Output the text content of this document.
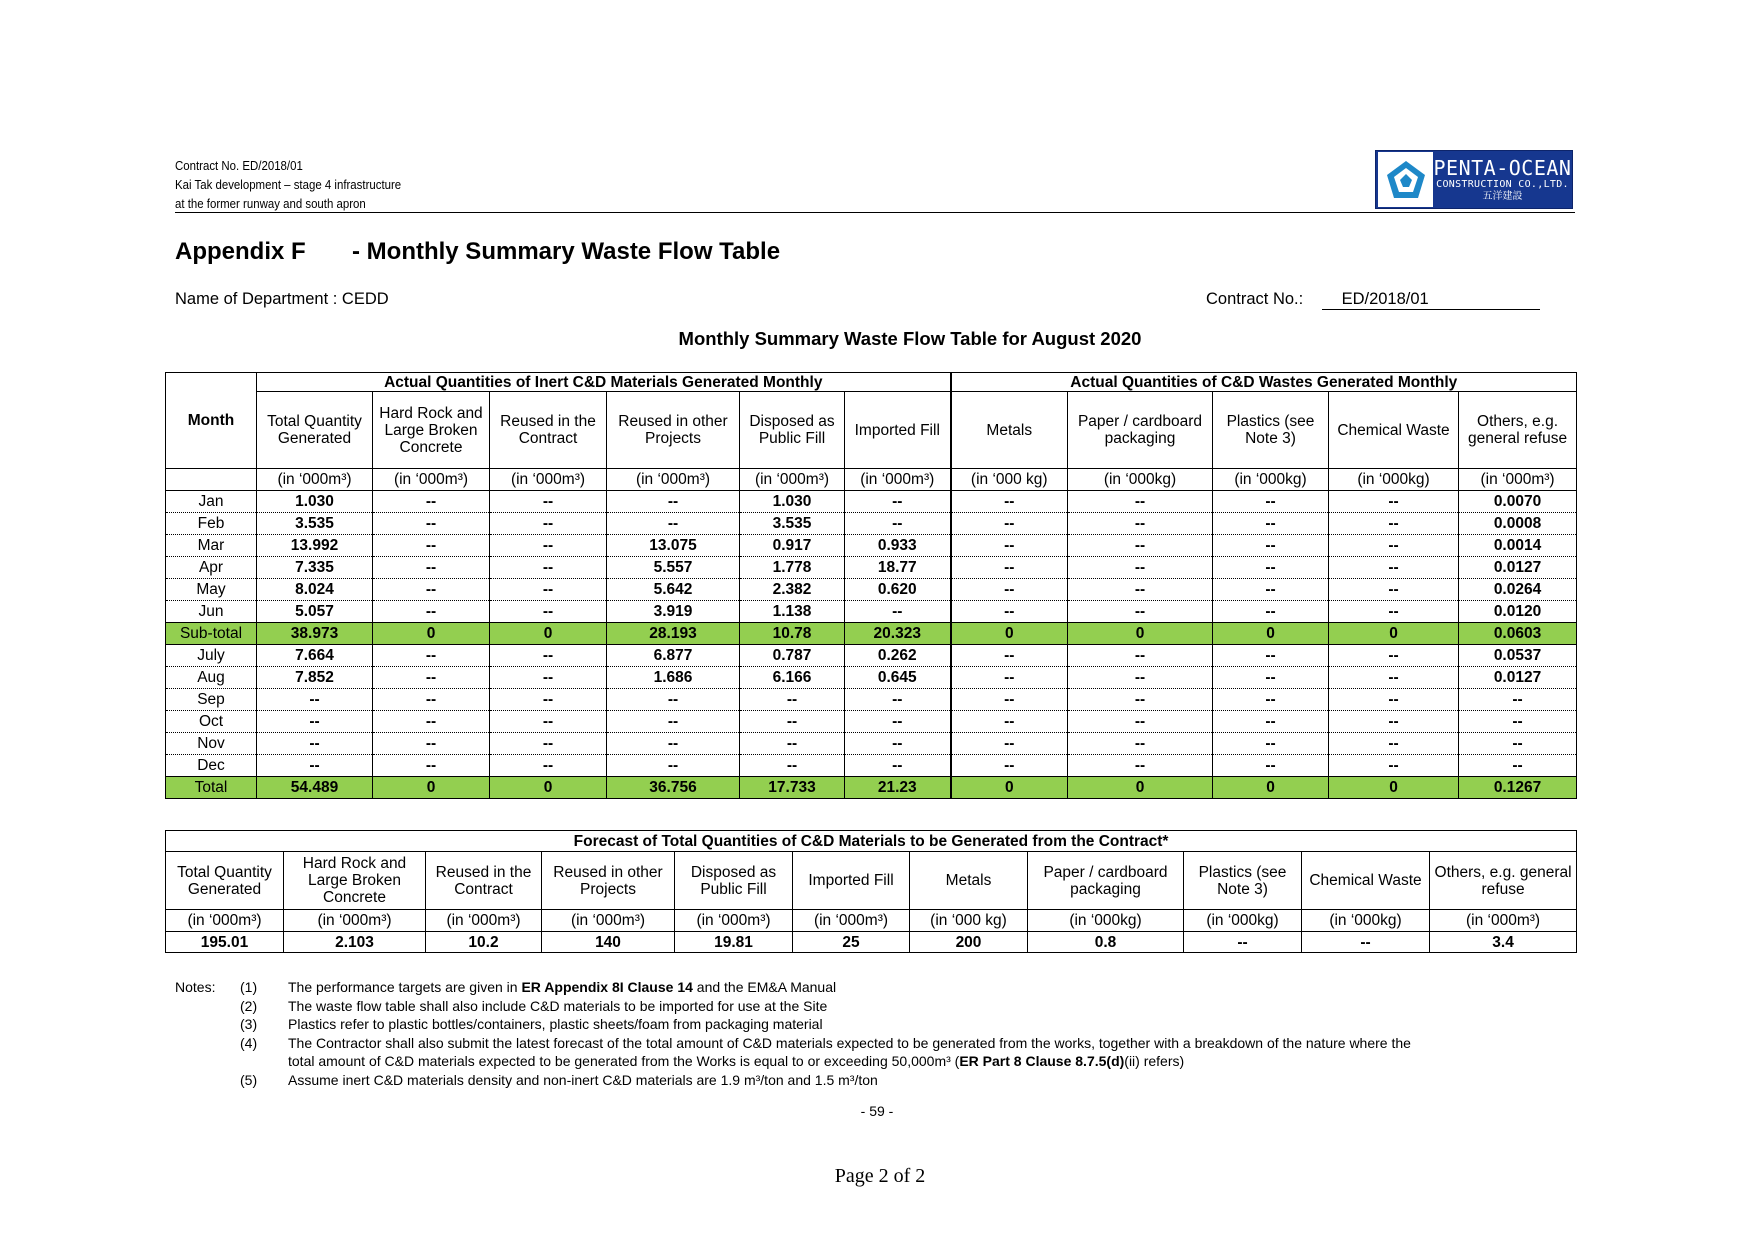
Contract No. ED/2018/01
Kai Tak development – stage 4 infrastructure
at the former runway and south apron
PENTA-OCEAN
CONSTRUCTION CO.,LTD.
五洋建設
Appendix F - Monthly Summary Waste Flow Table
Name of Department : CEDD	Contract No.: ED/2018/01
Monthly Summary Waste Flow Table for August 2020
Month	Actual Quantities of Inert C&D Materials Generated Monthly						Actual Quantities of C&D Wastes Generated Monthly				
	Total Quantity Generated	Hard Rock and Large Broken Concrete	Reused in the Contract	Reused in other Projects	Disposed as Public Fill	Imported Fill	Metals	Paper / cardboard packaging	Plastics (see Note 3)	Chemical Waste	Others, e.g. general refuse
	(in ‘000m³)	(in ‘000m³)	(in ‘000m³)	(in ‘000m³)	(in ‘000m³)	(in ‘000m³)	(in ‘000 kg)	(in ‘000kg)	(in ‘000kg)	(in ‘000kg)	(in ‘000m³)
Jan	1.030	--	--	--	1.030	--	--	--	--	--	0.0070
Feb	3.535	--	--	--	3.535	--	--	--	--	--	0.0008
Mar	13.992	--	--	13.075	0.917	0.933	--	--	--	--	0.0014
Apr	7.335	--	--	5.557	1.778	18.77	--	--	--	--	0.0127
May	8.024	--	--	5.642	2.382	0.620	--	--	--	--	0.0264
Jun	5.057	--	--	3.919	1.138	--	--	--	--	--	0.0120
Sub-total	38.973	0	0	28.193	10.78	20.323	0	0	0	0	0.0603
July	7.664	--	--	6.877	0.787	0.262	--	--	--	--	0.0537
Aug	7.852	--	--	1.686	6.166	0.645	--	--	--	--	0.0127
Sep	--	--	--	--	--	--	--	--	--	--	--
Oct	--	--	--	--	--	--	--	--	--	--	--
Nov	--	--	--	--	--	--	--	--	--	--	--
Dec	--	--	--	--	--	--	--	--	--	--	--
Total	54.489	0	0	36.756	17.733	21.23	0	0	0	0	0.1267
Forecast of Total Quantities of C&D Materials to be Generated from the Contract*										
Total Quantity Generated	Hard Rock and Large Broken Concrete	Reused in the Contract	Reused in other Projects	Disposed as Public Fill	Imported Fill	Metals	Paper / cardboard packaging	Plastics (see Note 3)	Chemical Waste	Others, e.g. general refuse
(in ‘000m³)	(in ‘000m³)	(in ‘000m³)	(in ‘000m³)	(in ‘000m³)	(in ‘000m³)	(in ‘000 kg)	(in ‘000kg)	(in ‘000kg)	(in ‘000kg)	(in ‘000m³)
195.01	2.103	10.2	140	19.81	25	200	0.8	--	--	3.4
Notes: (1) The performance targets are given in ER Appendix 8I Clause 14 and the EM&A Manual
(2) The waste flow table shall also include C&D materials to be imported for use at the Site
(3) Plastics refer to plastic bottles/containers, plastic sheets/foam from packaging material
(4) The Contractor shall also submit the latest forecast of the total amount of C&D materials expected to be generated from the works, together with a breakdown of the nature where the
total amount of C&D materials expected to be generated from the Works is equal to or exceeding 50,000m³ (ER Part 8 Clause 8.7.5(d)(ii) refers)
(5) Assume inert C&D materials density and non-inert C&D materials are 1.9 m³/ton and 1.5 m³/ton
- 59 -
Page 2 of 2
